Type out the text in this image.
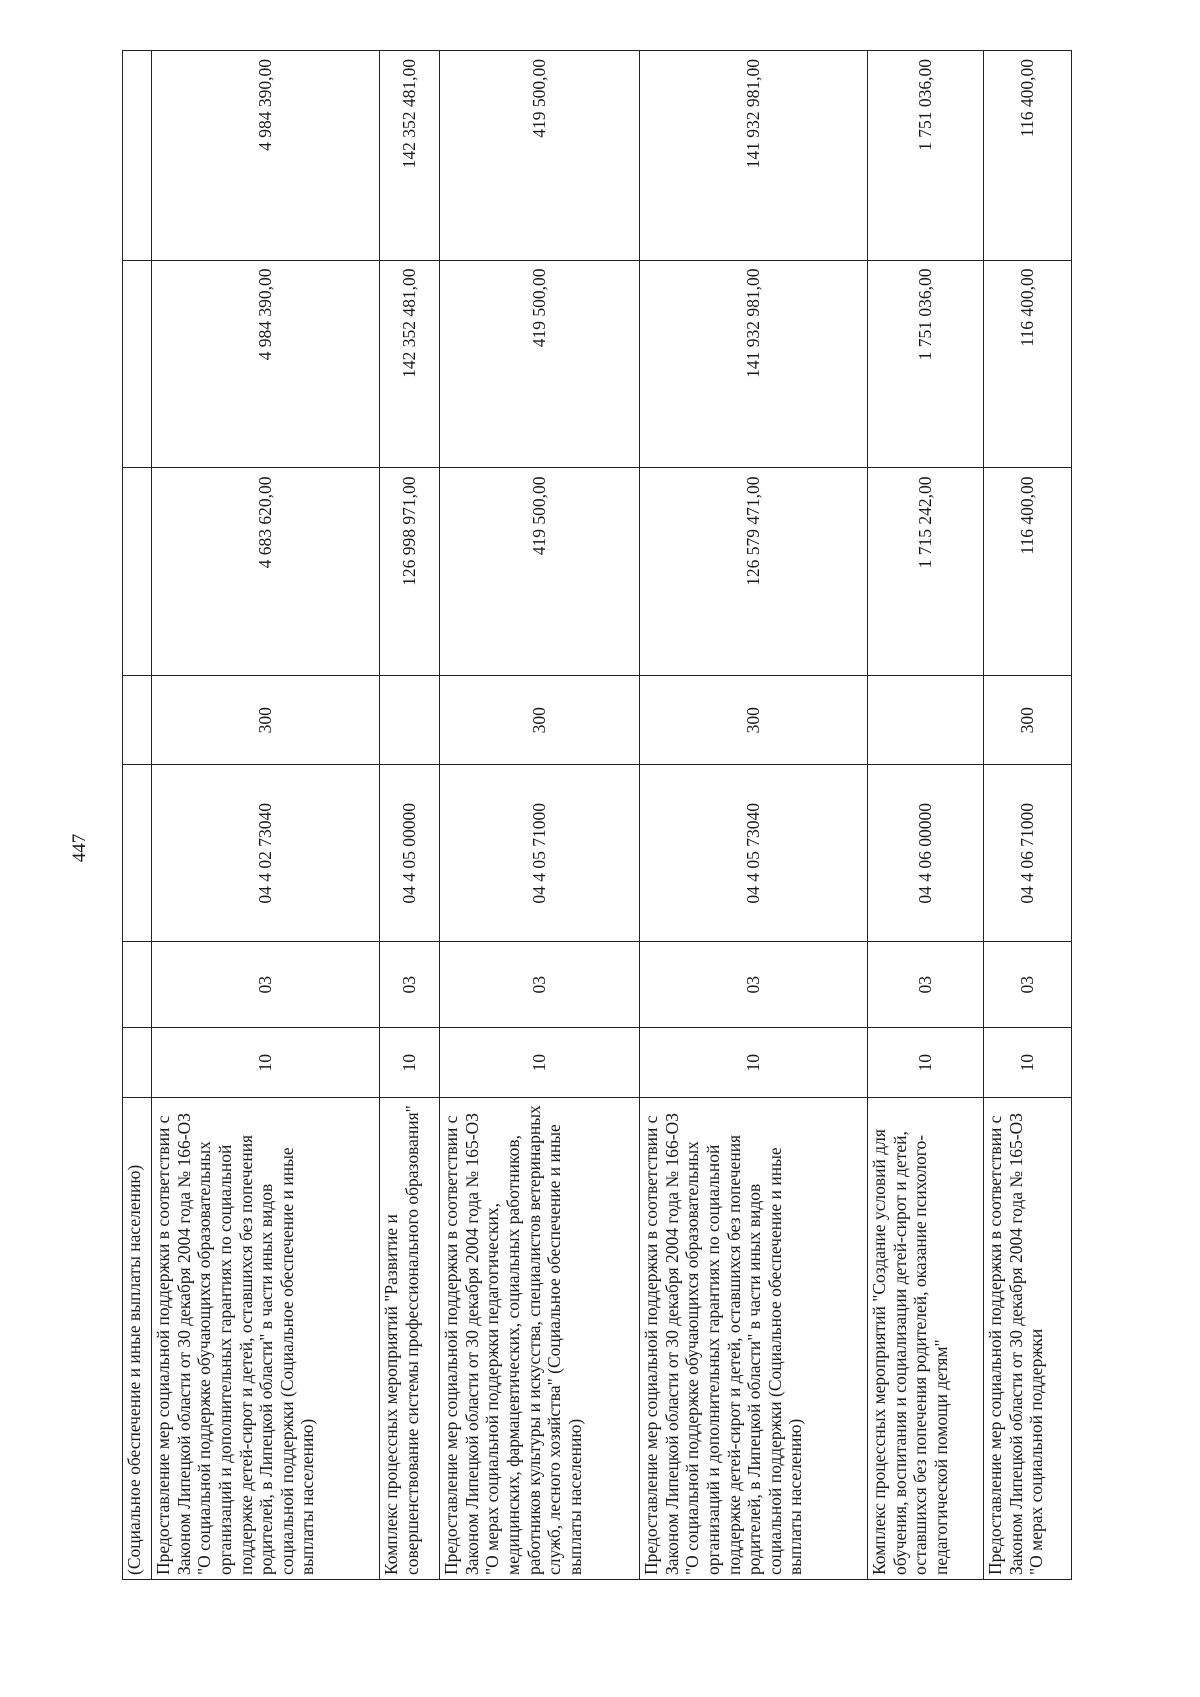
447
(Социальное обеспечение и иные выплаты населению)							
Предоставление мер социальной поддержки в соответствии с Законом Липецкой области от 30 декабря 2004 года № 166-ОЗ "О социальной поддержке обучающихся образовательных организаций и дополнительных гарантиях по социальной поддержке детей-сирот и детей, оставшихся без попечения родителей, в Липецкой области" в части иных видов социальной поддержки (Социальное обеспечение и иные выплаты населению)	10	03	04 4 02 73040	300	4 683 620,00	4 984 390,00	4 984 390,00
Комплекс процессных мероприятий "Развитие и совершенствование системы профессионального образования"	10	03	04 4 05 00000		126 998 971,00	142 352 481,00	142 352 481,00
Предоставление мер социальной поддержки в соответствии с Законом Липецкой области от 30 декабря 2004 года № 165-ОЗ "О мерах социальной поддержки педагогических, медицинских, фармацевтических, социальных работников, работников культуры и искусства, специалистов ветеринарных служб, лесного хозяйства" (Социальное обеспечение и иные выплаты населению)	10	03	04 4 05 71000	300	419 500,00	419 500,00	419 500,00
Предоставление мер социальной поддержки в соответствии с Законом Липецкой области от 30 декабря 2004 года № 166-ОЗ "О социальной поддержке обучающихся образовательных организаций и дополнительных гарантиях по социальной поддержке детей-сирот и детей, оставшихся без попечения родителей, в Липецкой области" в части иных видов социальной поддержки (Социальное обеспечение и иные выплаты населению)	10	03	04 4 05 73040	300	126 579 471,00	141 932 981,00	141 932 981,00
Комплекс процессных мероприятий "Создание условий для обучения, воспитания и социализации детей-сирот и детей, оставшихся без попечения родителей, оказание психолого-педагогической помощи детям"	10	03	04 4 06 00000		1 715 242,00	1 751 036,00	1 751 036,00
Предоставление мер социальной поддержки в соответствии с Законом Липецкой области от 30 декабря 2004 года № 165-ОЗ "О мерах социальной поддержки	10	03	04 4 06 71000	300	116 400,00	116 400,00	116 400,00
